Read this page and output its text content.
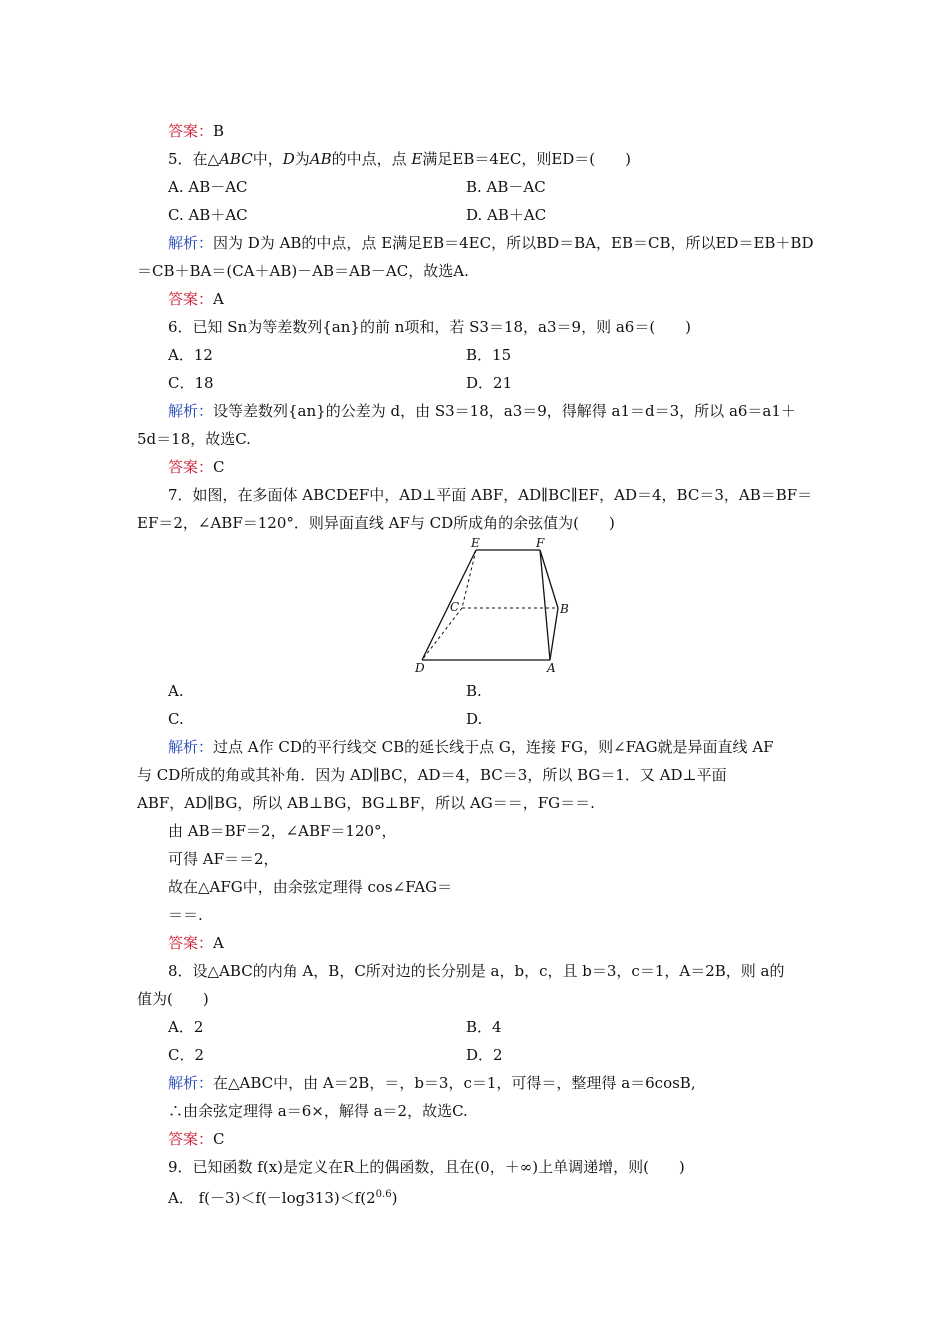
答案：B
5．在△ABC中，D为AB的中点，点 E满足EB＝4EC，则ED＝(　　)
A. AB－AC	B. AB－AC
C. AB＋AC	D. AB＋AC
解析：因为 D为 AB的中点，点 E满足EB＝4EC，所以BD＝BA，EB＝CB，所以ED＝EB＋BD
＝CB＋BA＝(CA＋AB)－AB＝AB－AC，故选A.
答案：A
6．已知 Sn为等差数列{an}的前 n项和，若 S3＝18，a3＝9，则 a6＝(　　)
A．12	B．15
C．18	D．21
解析：设等差数列{an}的公差为 d，由 S3＝18，a3＝9，得解得 a1＝d＝3，所以 a6＝a1＋
5d＝18，故选C.
答案：C
7．如图，在多面体 ABCDEF中，AD⊥平面 ABF，AD∥BC∥EF，AD＝4，BC＝3，AB＝BF＝
EF＝2，∠ABF＝120°．则异面直线 AF与 CD所成角的余弦值为(　　)
E	F
C	B
D	A
A.	B.
C.	D.
解析：过点 A作 CD的平行线交 CB的延长线于点 G，连接 FG，则∠FAG就是异面直线 AF
与 CD所成的角或其补角．因为 AD∥BC，AD＝4，BC＝3，所以 BG＝1．又 AD⊥平面
ABF，AD∥BG，所以 AB⊥BG，BG⊥BF，所以 AG＝＝，FG＝＝.
由 AB＝BF＝2，∠ABF＝120°，
可得 AF＝＝2，
故在△AFG中，由余弦定理得 cos∠FAG＝
＝＝.
答案：A
8．设△ABC的内角 A，B，C所对边的长分别是 a，b，c，且 b＝3，c＝1，A＝2B，则 a的
值为(　　)
A．2	B．4
C．2	D．2
解析：在△ABC中，由 A＝2B，＝，b＝3，c＝1，可得＝，整理得 a＝6cosB,
∴由余弦定理得 a＝6×，解得 a＝2，故选C.
答案：C
9．已知函数 f(x)是定义在R上的偶函数，且在(0，＋∞)上单调递增，则(　　)
A． $f(-3)<f(-\log 313)<f(2^{0.6})$
